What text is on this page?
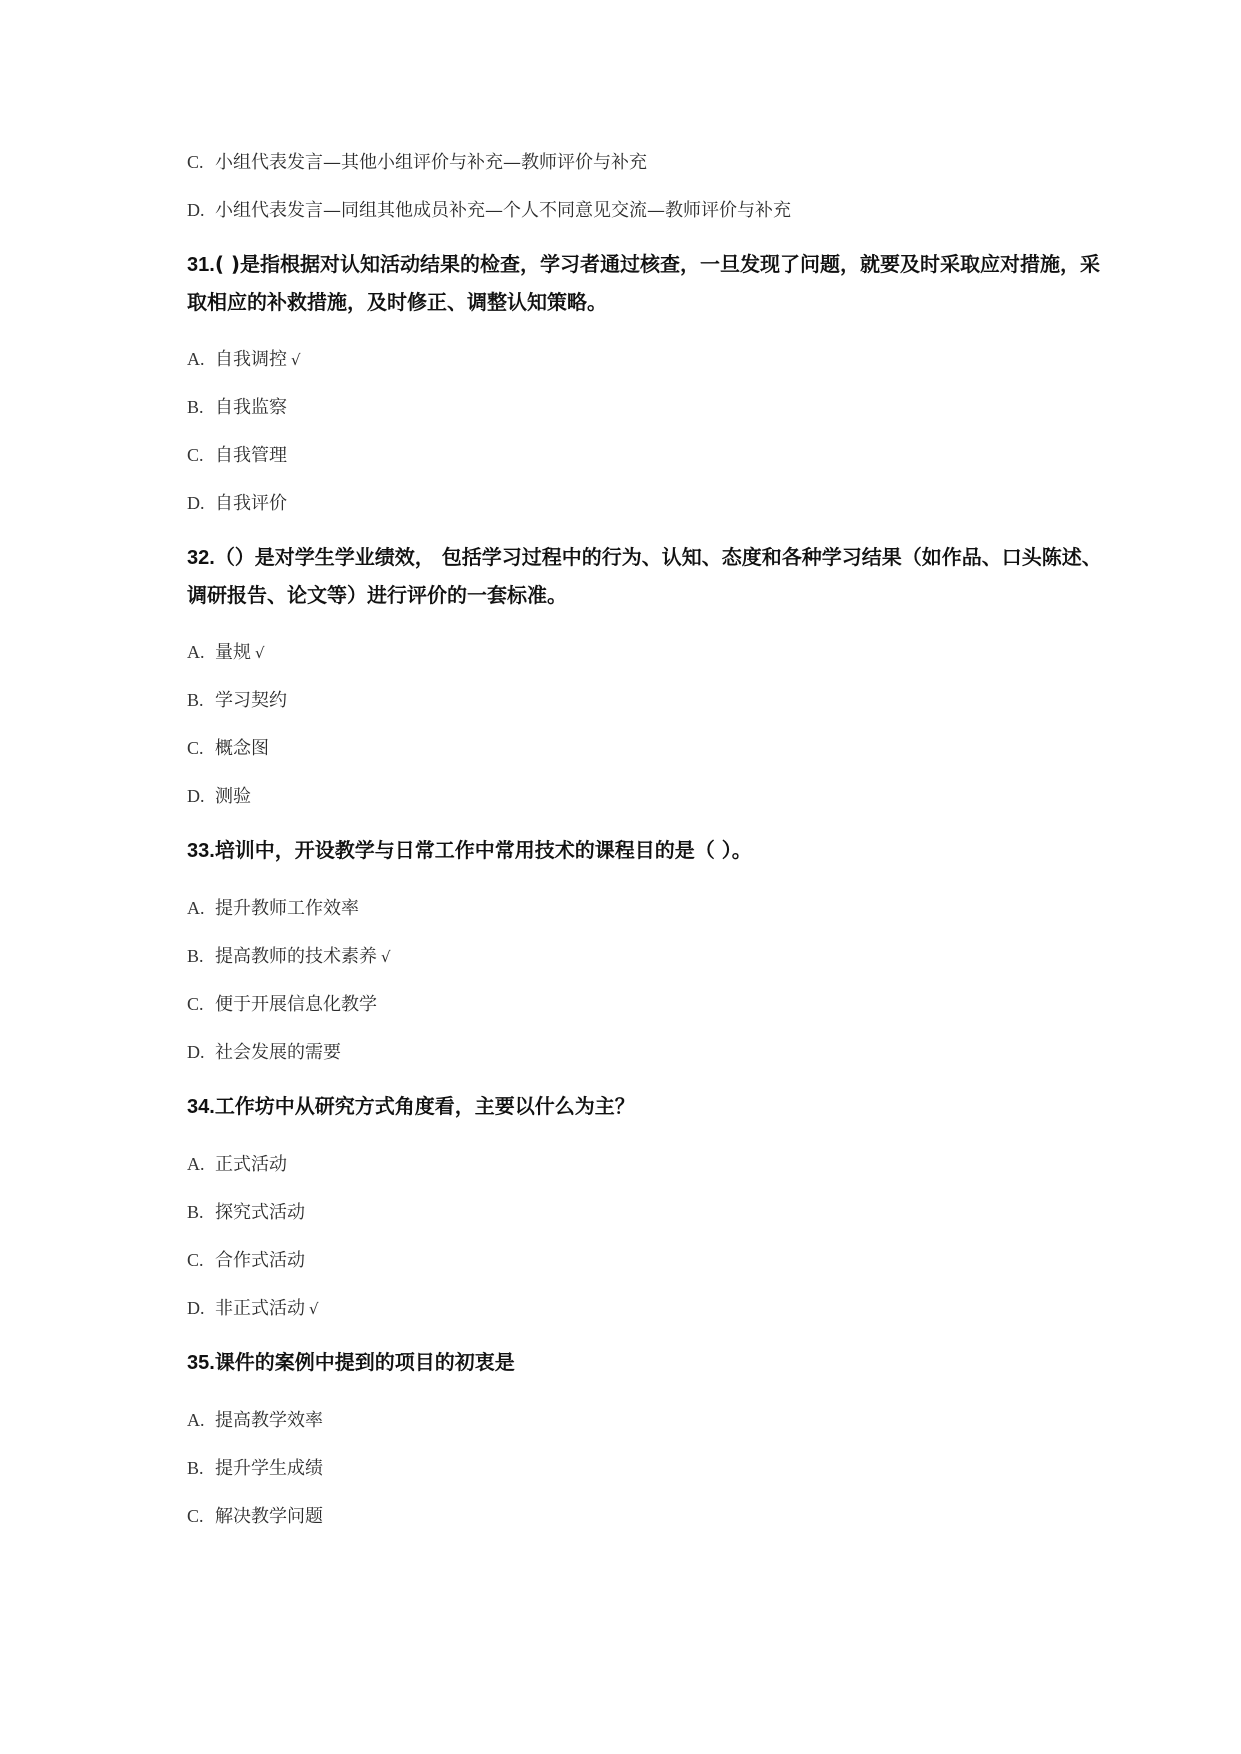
C. 小组代表发言—其他小组评价与补充—教师评价与补充
D. 小组代表发言—同组其他成员补充—个人不同意见交流—教师评价与补充
31.( )是指根据对认知活动结果的检查，学习者通过核查，一旦发现了问题，就要及时采取应对措施，采取相应的补救措施，及时修正、调整认知策略。
A. 自我调控 √
B. 自我监察
C. 自我管理
D. 自我评价
32.（）是对学生学业绩效， 包括学习过程中的行为、认知、态度和各种学习结果（如作品、口头陈述、调研报告、论文等）进行评价的一套标准。
A. 量规 √
B. 学习契约
C. 概念图
D. 测验
33.培训中，开设教学与日常工作中常用技术的课程目的是（ ）。
A. 提升教师工作效率
B. 提高教师的技术素养 √
C. 便于开展信息化教学
D. 社会发展的需要
34.工作坊中从研究方式角度看，主要以什么为主？
A. 正式活动
B. 探究式活动
C. 合作式活动
D. 非正式活动 √
35.课件的案例中提到的项目的初衷是
A. 提高教学效率
B. 提升学生成绩
C. 解决教学问题
